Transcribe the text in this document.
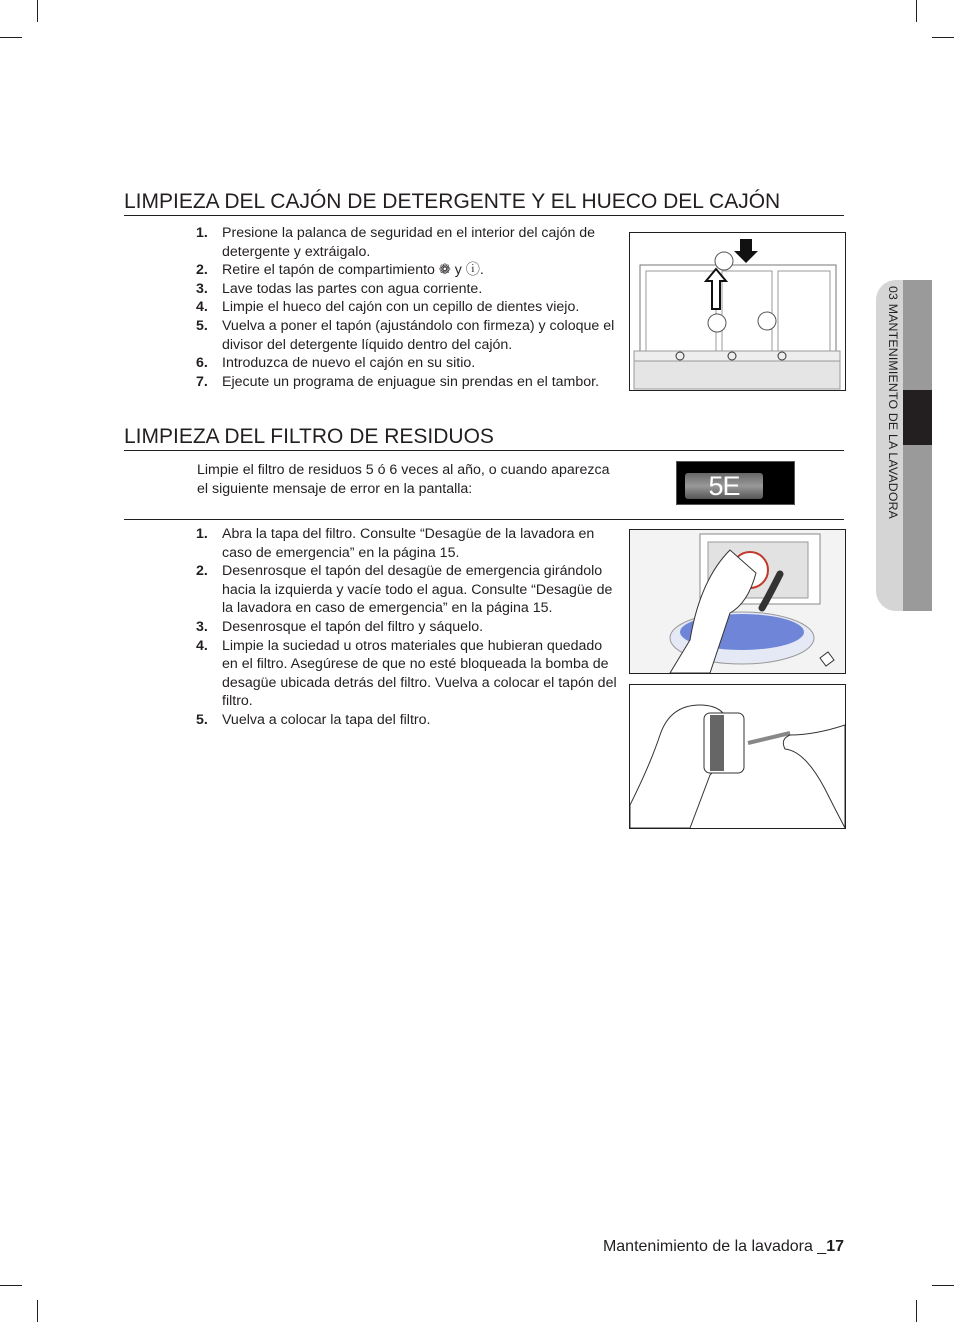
LIMPIEZA DEL CAJÓN DE DETERGENTE Y EL HUECO DEL CAJÓN
1. Presione la palanca de seguridad en el interior del cajón de detergente y extráigalo.
2. Retire el tapón de compartimiento ❁ y ⓘ.
3. Lave todas las partes con agua corriente.
4. Limpie el hueco del cajón con un cepillo de dientes viejo.
5. Vuelva a poner el tapón (ajustándolo con firmeza) y coloque el divisor del detergente líquido dentro del cajón.
6. Introduzca de nuevo el cajón en su sitio.
7. Ejecute un programa de enjuague sin prendas en el tambor.
LIMPIEZA DEL FILTRO DE RESIDUOS
Limpie el filtro de residuos 5 ó 6 veces al año, o cuando aparezca el siguiente mensaje de error en la pantalla:	5E
1. Abra la tapa del filtro. Consulte “Desagüe de la lavadora en caso de emergencia” en la página 15.
2. Desenrosque el tapón del desagüe de emergencia girándolo hacia la izquierda y vacíe todo el agua. Consulte “Desagüe de la lavadora en caso de emergencia” en la página 15.
3. Desenrosque el tapón del filtro y sáquelo.
4. Limpie la suciedad u otros materiales que hubieran quedado en el filtro. Asegúrese de que no esté bloqueada la bomba de desagüe ubicada detrás del filtro. Vuelva a colocar el tapón del filtro.
5. Vuelva a colocar la tapa del filtro.
03 MANTENIMIENTO DE LA LAVADORA
Mantenimiento de la lavadora _17
